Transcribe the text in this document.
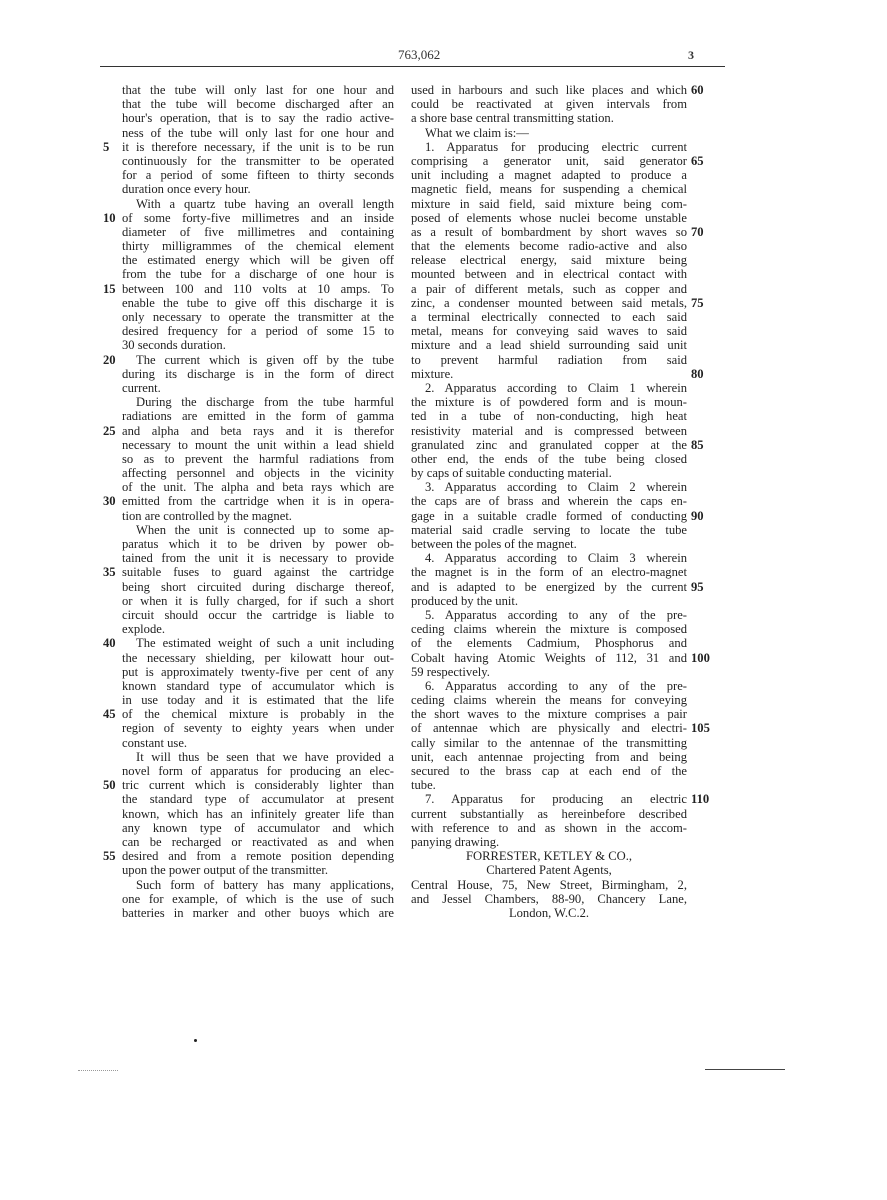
763,062	3
that the tube will only last for one hour and
that the tube will become discharged after an
hour's operation, that is to say the radio active-
ness of the tube will only last for one hour and
it is therefore necessary, if the unit is to be run
5
continuously for the transmitter to be operated
for a period of some fifteen to thirty seconds
duration once every hour.
With a quartz tube having an overall length
of some forty-five millimetres and an inside
10
diameter of five millimetres and containing
thirty milligrammes of the chemical element
the estimated energy which will be given off
from the tube for a discharge of one hour is
between 100 and 110 volts at 10 amps. To
15
enable the tube to give off this discharge it is
only necessary to operate the transmitter at the
desired frequency for a period of some 15 to
30 seconds duration.
The current which is given off by the tube
20
during its discharge is in the form of direct
current.
During the discharge from the tube harmful
radiations are emitted in the form of gamma
and alpha and beta rays and it is therefor
25
necessary to mount the unit within a lead shield
so as to prevent the harmful radiations from
affecting personnel and objects in the vicinity
of the unit. The alpha and beta rays which are
emitted from the cartridge when it is in opera-
30
tion are controlled by the magnet.
When the unit is connected up to some ap-
paratus which it to be driven by power ob-
tained from the unit it is necessary to provide
suitable fuses to guard against the cartridge
35
being short circuited during discharge thereof,
or when it is fully charged, for if such a short
circuit should occur the cartridge is liable to
explode.
The estimated weight of such a unit including
40
the necessary shielding, per kilowatt hour out-
put is approximately twenty-five per cent of any
known standard type of accumulator which is
in use today and it is estimated that the life
of the chemical mixture is probably in the
45
region of seventy to eighty years when under
constant use.
It will thus be seen that we have provided a
novel form of apparatus for producing an elec-
tric current which is considerably lighter than
50
the standard type of accumulator at present
known, which has an infinitely greater life than
any known type of accumulator and which
can be recharged or reactivated as and when
desired and from a remote position depending
55
upon the power output of the transmitter.
Such form of battery has many applications,
one for example, of which is the use of such
batteries in marker and other buoys which are
used in harbours and such like places and which 60
could be reactivated at given intervals from
a shore base central transmitting station.
What we claim is:—
1. Apparatus for producing electric current
comprising a generator unit, said generator 65
unit including a magnet adapted to produce a
magnetic field, means for suspending a chemical
mixture in said field, said mixture being com-
posed of elements whose nuclei become unstable
as a result of bombardment by short waves so 70
that the elements become radio-active and also
release electrical energy, said mixture being
mounted between and in electrical contact with
a pair of different metals, such as copper and
zinc, a condenser mounted between said metals, 75
a terminal electrically connected to each said
metal, means for conveying said waves to said
mixture and a lead shield surrounding said unit
to prevent harmful radiation from said
mixture.	80
2. Apparatus according to Claim 1 wherein
the mixture is of powdered form and is moun-
ted in a tube of non-conducting, high heat
resistivity material and is compressed between
granulated zinc and granulated copper at the 85
other end, the ends of the tube being closed
by caps of suitable conducting material.
3. Apparatus according to Claim 2 wherein
the caps are of brass and wherein the caps en-
gage in a suitable cradle formed of conducting 90
material said cradle serving to locate the tube
between the poles of the magnet.
4. Apparatus according to Claim 3 wherein
the magnet is in the form of an electro-magnet
and is adapted to be energized by the current 95
produced by the unit.
5. Apparatus according to any of the pre-
ceding claims wherein the mixture is composed
of the elements Cadmium, Phosphorus and
Cobalt having Atomic Weights of 112, 31 and 100
59 respectively.
6. Apparatus according to any of the pre-
ceding claims wherein the means for conveying
the short waves to the mixture comprises a pair
of antennae which are physically and electri- 105
cally similar to the antennae of the transmitting
unit, each antennae projecting from and being
secured to the brass cap at each end of the
tube.
7. Apparatus for producing an electric 110
current substantially as hereinbefore described
with reference to and as shown in the accom-
panying drawing.
FORRESTER, KETLEY & CO.,
Chartered Patent Agents,
Central House, 75, New Street, Birmingham, 2,
and Jessel Chambers, 88-90, Chancery Lane,
London, W.C.2.
